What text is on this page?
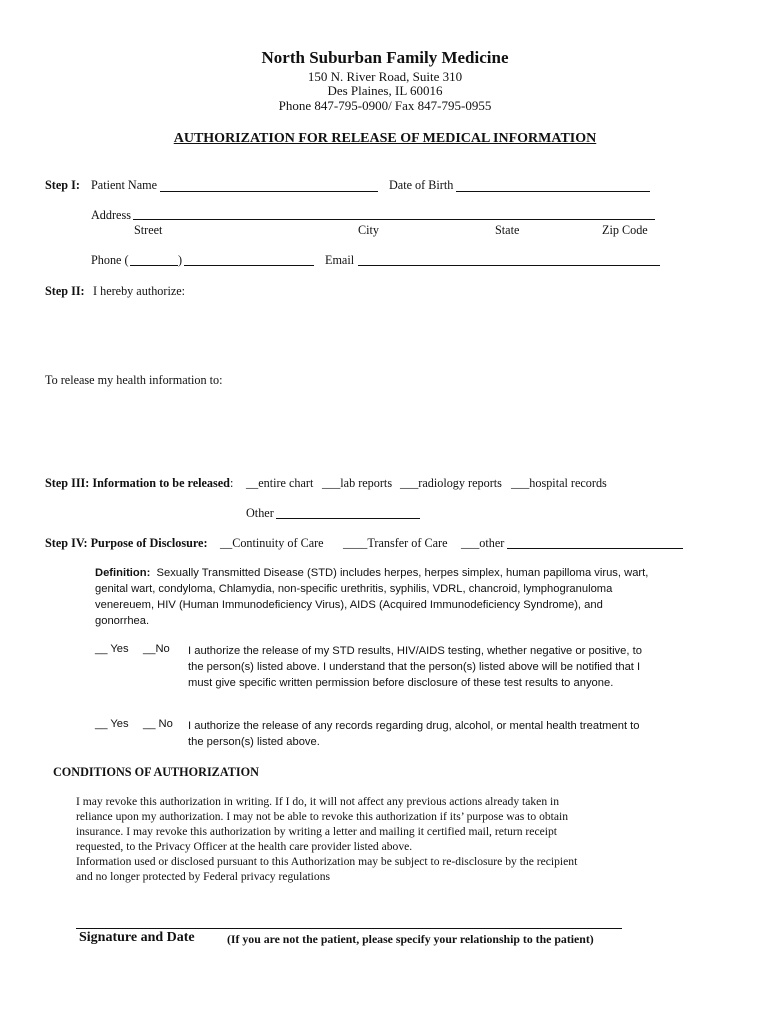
North Suburban Family Medicine
150 N. River Road, Suite 310
Des Plaines, IL 60016
Phone 847-795-0900/ Fax 847-795-0955
AUTHORIZATION FOR RELEASE OF MEDICAL INFORMATION
Step I: Patient Name	Date of Birth
Address
Street	City	State	Zip Code
Phone (	)	Email
Step II: I hereby authorize:
To release my health information to:
Step III: Information to be released: __entire chart ___lab reports ___radiology reports ___hospital records
Other
Step IV: Purpose of Disclosure: __Continuity of Care ____Transfer of Care ___other
Definition: Sexually Transmitted Disease (STD) includes herpes, herpes simplex, human papilloma virus, wart,
genital wart, condyloma, Chlamydia, non-specific urethritis, syphilis, VDRL, chancroid, lymphogranuloma
venereuem, HIV (Human Immunodeficiency Virus), AIDS (Acquired Immunodeficiency Syndrome), and
gonorrhea.
__ Yes __No I authorize the release of my STD results, HIV/AIDS testing, whether negative or positive, to
the person(s) listed above. I understand that the person(s) listed above will be notified that I
must give specific written permission before disclosure of these test results to anyone.
__ Yes __ No I authorize the release of any records regarding drug, alcohol, or mental health treatment to
the person(s) listed above.
CONDITIONS OF AUTHORIZATION
I may revoke this authorization in writing. If I do, it will not affect any previous actions already taken in
reliance upon my authorization. I may not be able to revoke this authorization if its’ purpose was to obtain
insurance. I may revoke this authorization by writing a letter and mailing it certified mail, return receipt
requested, to the Privacy Officer at the health care provider listed above.
Information used or disclosed pursuant to this Authorization may be subject to re-disclosure by the recipient
and no longer protected by Federal privacy regulations
Signature and Date	(If you are not the patient, please specify your relationship to the patient)
